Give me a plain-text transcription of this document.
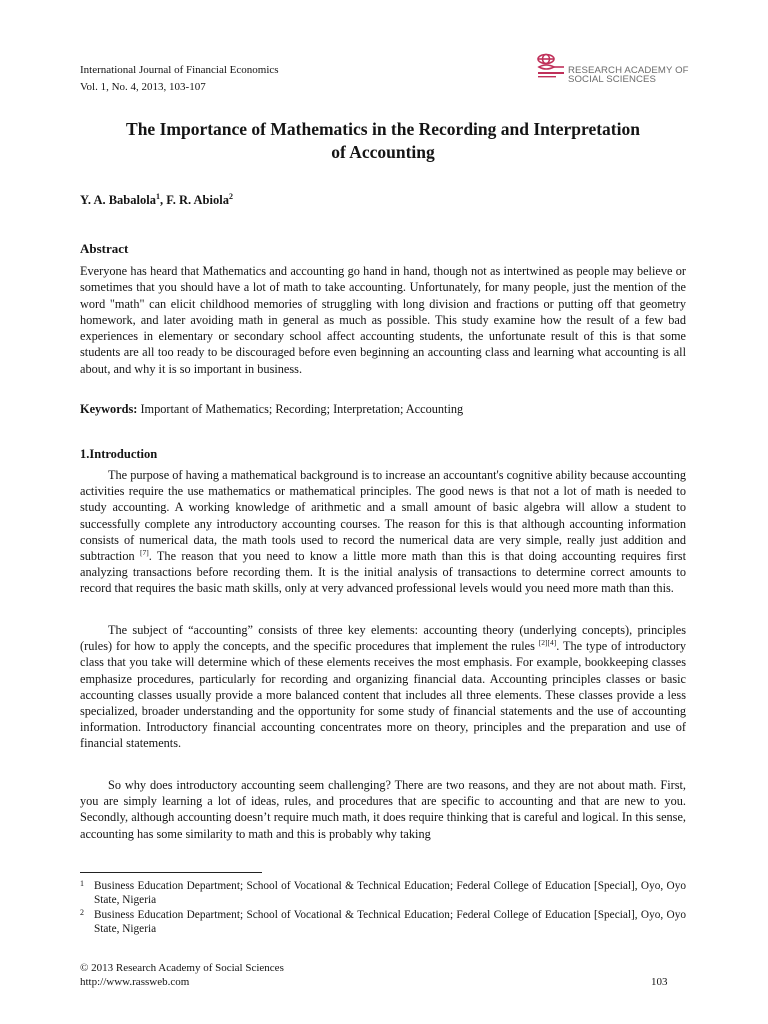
International Journal of Financial Economics
Vol. 1, No. 4, 2013, 103-107
RESEARCH ACADEMY OF
SOCIAL SCIENCES
The Importance of Mathematics in the Recording and Interpretation
of Accounting
Y. A. Babalola$^1$, F. R. Abiola$^2$
Abstract

Everyone has heard that Mathematics and accounting go hand in hand, though not as intertwined as people may believe or sometimes that you should have a lot of math to take accounting. Unfortunately, for many people, just the mention of the word "math" can elicit childhood memories of struggling with long division and fractions or putting off that geometry homework, and later avoiding math in general as much as possible. This study examine how the result of a few bad experiences in elementary or secondary school affect accounting students, the unfortunate result of this is that some students are all too ready to be discouraged before even beginning an accounting class and learning what accounting is all about, and why it is so important in business.

Keywords: Important of Mathematics; Recording; Interpretation; Accounting
1.Introduction

The purpose of having a mathematical background is to increase an accountant's cognitive ability because accounting activities require the use mathematics or mathematical principles. The good news is that not a lot of math is needed to study accounting. A working knowledge of arithmetic and a small amount of basic algebra will allow a student to successfully complete any introductory accounting courses. The reason for this is that although accounting information consists of numerical data, the math tools used to record the numerical data are very simple, really just addition and subtraction [7]. The reason that you need to know a little more math than this is that doing accounting requires first analyzing transactions before recording them. It is the initial analysis of transactions to determine correct amounts to record that requires the basic math skills, only at very advanced professional levels would you need more math than this.

The subject of “accounting” consists of three key elements: accounting theory (underlying concepts), principles (rules) for how to apply the concepts, and the specific procedures that implement the rules [2][4]. The type of introductory class that you take will determine which of these elements receives the most emphasis. For example, bookkeeping classes emphasize procedures, particularly for recording and organizing financial data. Accounting principles classes or basic accounting classes usually provide a more balanced content that includes all three elements. These classes provide a less specialized, broader understanding and the opportunity for some study of financial statements and the use of accounting information. Introductory financial accounting concentrates more on theory, principles and the preparation and use of financial statements.

So why does introductory accounting seem challenging? There are two reasons, and they are not about math. First, you are simply learning a lot of ideas, rules, and procedures that are specific to accounting and that are new to you. Secondly, although accounting doesn’t require much math, it does require thinking that is careful and logical. In this sense, accounting has some similarity to math and this is probably why taking

1 Business Education Department; School of Vocational & Technical Education; Federal College of Education [Special], Oyo, Oyo State, Nigeria
2 Business Education Department; School of Vocational & Technical Education; Federal College of Education [Special], Oyo, Oyo State, Nigeria
© 2013 Research Academy of Social Sciences
http://www.rassweb.com	103
